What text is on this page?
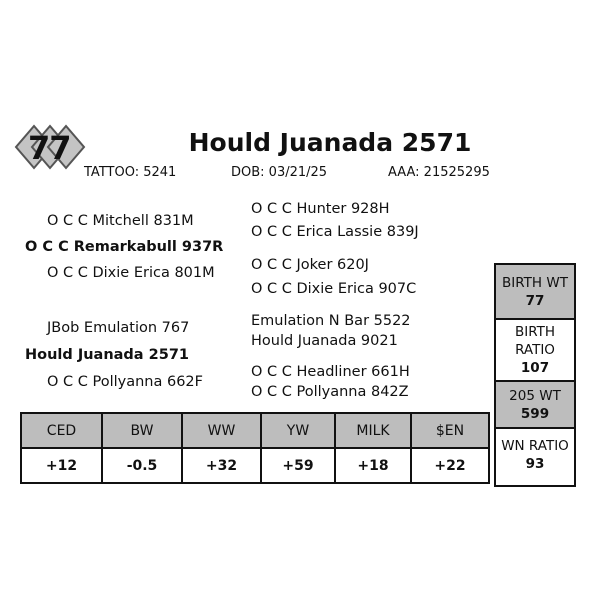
77	Hould Juanada 2571
TATTOO: 5241	DOB: 03/21/25	AAA: 21525295
O C C Mitchell 831M
O C C Remarkabull 937R
O C C Dixie Erica 801M
JBob Emulation 767
Hould Juanada 2571
O C C Pollyanna 662F
O C C Hunter 928H
O C C Erica Lassie 839J
O C C Joker 620J
O C C Dixie Erica 907C
Emulation N Bar 5522
Hould Juanada 9021
O C C Headliner 661H
O C C Pollyanna 842Z
CED	BW	WW	YW	MILK	$EN
+12	-0.5	+32	+59	+18	+22
BIRTH WT
77
BIRTH
RATIO
107
205 WT
599
WN RATIO
93
